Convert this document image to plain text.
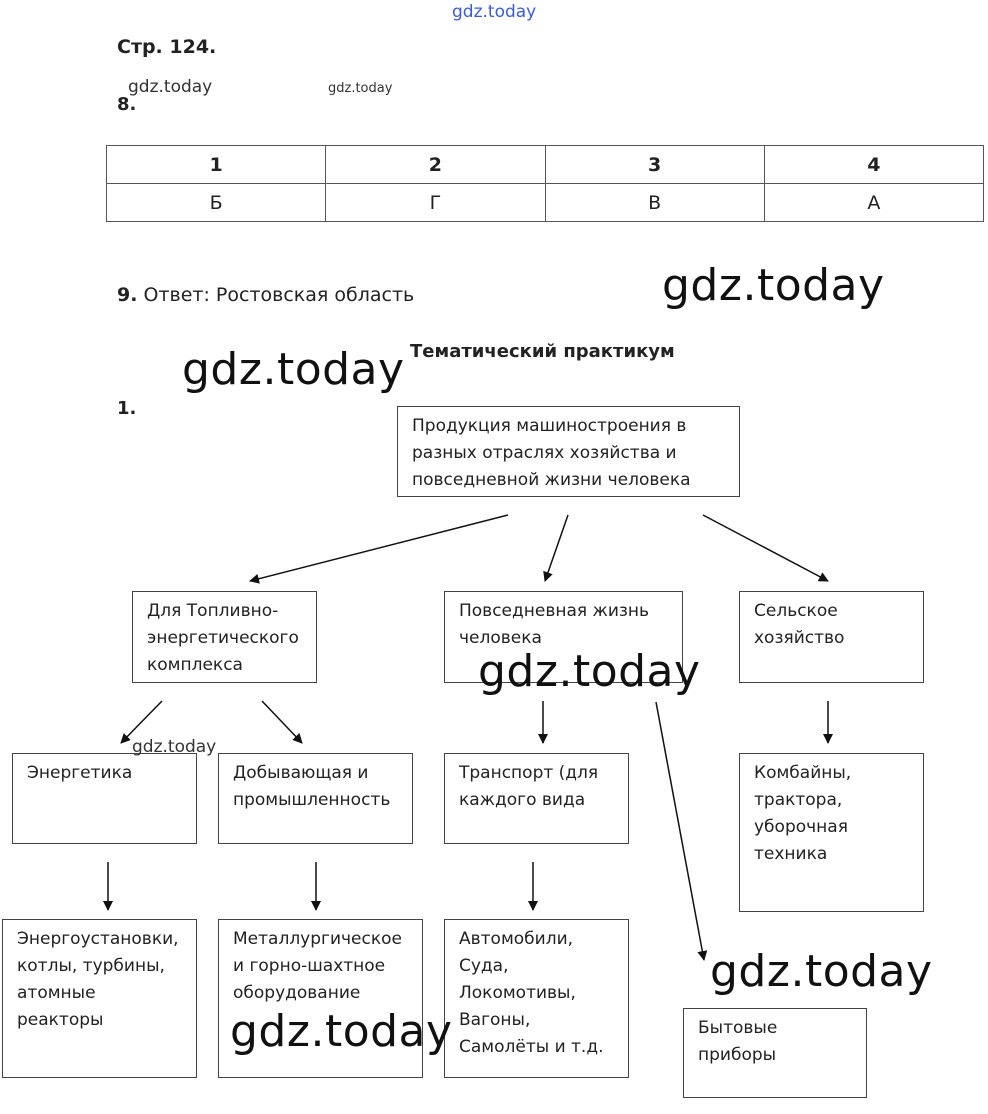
gdz.today
Стр. 124.
8.
gdz.today	gdz.today
1	2	3	4
Б	Г	В	А
9. Ответ: Ростовская область	gdz.today
Тематический практикум
gdz.today
1.
Продукция машиностроения в разных отраслях хозяйства и повседневной жизни человека
Для Топливно-энергетического комплекса
Повседневная жизнь человека
Сельское хозяйство
Энергетика	Добывающая и промышленность
Транспорт (для каждого вида
Комбайны, трактора, уборочная техника
Энергоустановки, котлы, турбины, атомные реакторы
Металлургическое и горно-шахтное оборудование
Автомобили, Суда, Локомотивы, Вагоны, Самолёты и т.д.
Бытовые приборы
gdz.today
gdz.today
gdz.today
gdz.today
